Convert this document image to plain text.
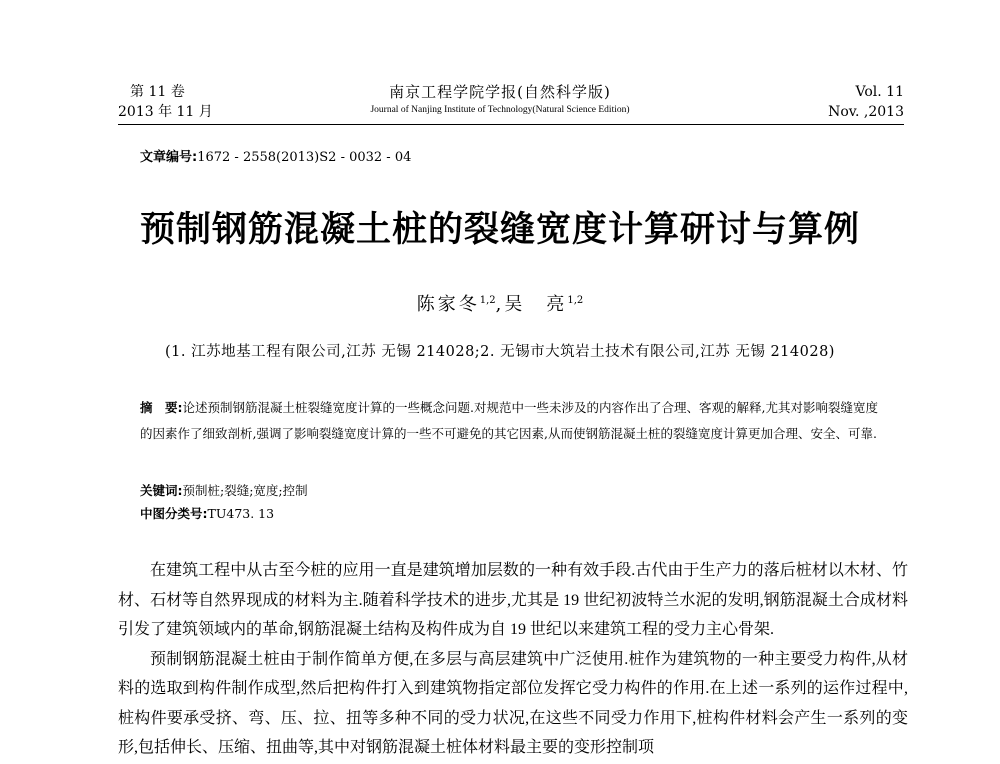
第 11 卷
2013 年 11 月
南京工程学院学报(自然科学版)
Journal of Nanjing Institute of Technology(Natural Science Edition)
Vol. 11
Nov. ,2013
文章编号:1672 - 2558(2013)S2 - 0032 - 04
预制钢筋混凝土桩的裂缝宽度计算研讨与算例
陈家冬$^{1,2}$,吴　亮$^{1,2}$
(1. 江苏地基工程有限公司,江苏 无锡 214028;2. 无锡市大筑岩土技术有限公司,江苏 无锡 214028)
摘　要:论述预制钢筋混凝土桩裂缝宽度计算的一些概念问题.对规范中一些未涉及的内容作出了合理、客观的解释,尤其对影响裂缝宽度的因素作了细致剖析,强调了影响裂缝宽度计算的一些不可避免的其它因素,从而使钢筋混凝土桩的裂缝宽度计算更加合理、安全、可靠.
关键词:预制桩;裂缝;宽度;控制
中图分类号:TU473. 13

在建筑工程中从古至今桩的应用一直是建筑增加层数的一种有效手段.古代由于生产力的落后桩材以木材、竹材、石材等自然界现成的材料为主.随着科学技术的进步,尤其是 19 世纪初波特兰水泥的发明,钢筋混凝土合成材料引发了建筑领域内的革命,钢筋混凝土结构及构件成为自 19 世纪以来建筑工程的受力主心骨架.

预制钢筋混凝土桩由于制作简单方便,在多层与高层建筑中广泛使用.桩作为建筑物的一种主要受力构件,从材料的选取到构件制作成型,然后把构件打入到建筑物指定部位发挥它受力构件的作用.在上述一系列的运作过程中,桩构件要承受挤、弯、压、拉、扭等多种不同的受力状况,在这些不同受力作用下,桩构件材料会产生一系列的变形,包括伸长、压缩、扭曲等,其中对钢筋混凝土桩体材料最主要的变形控制项
